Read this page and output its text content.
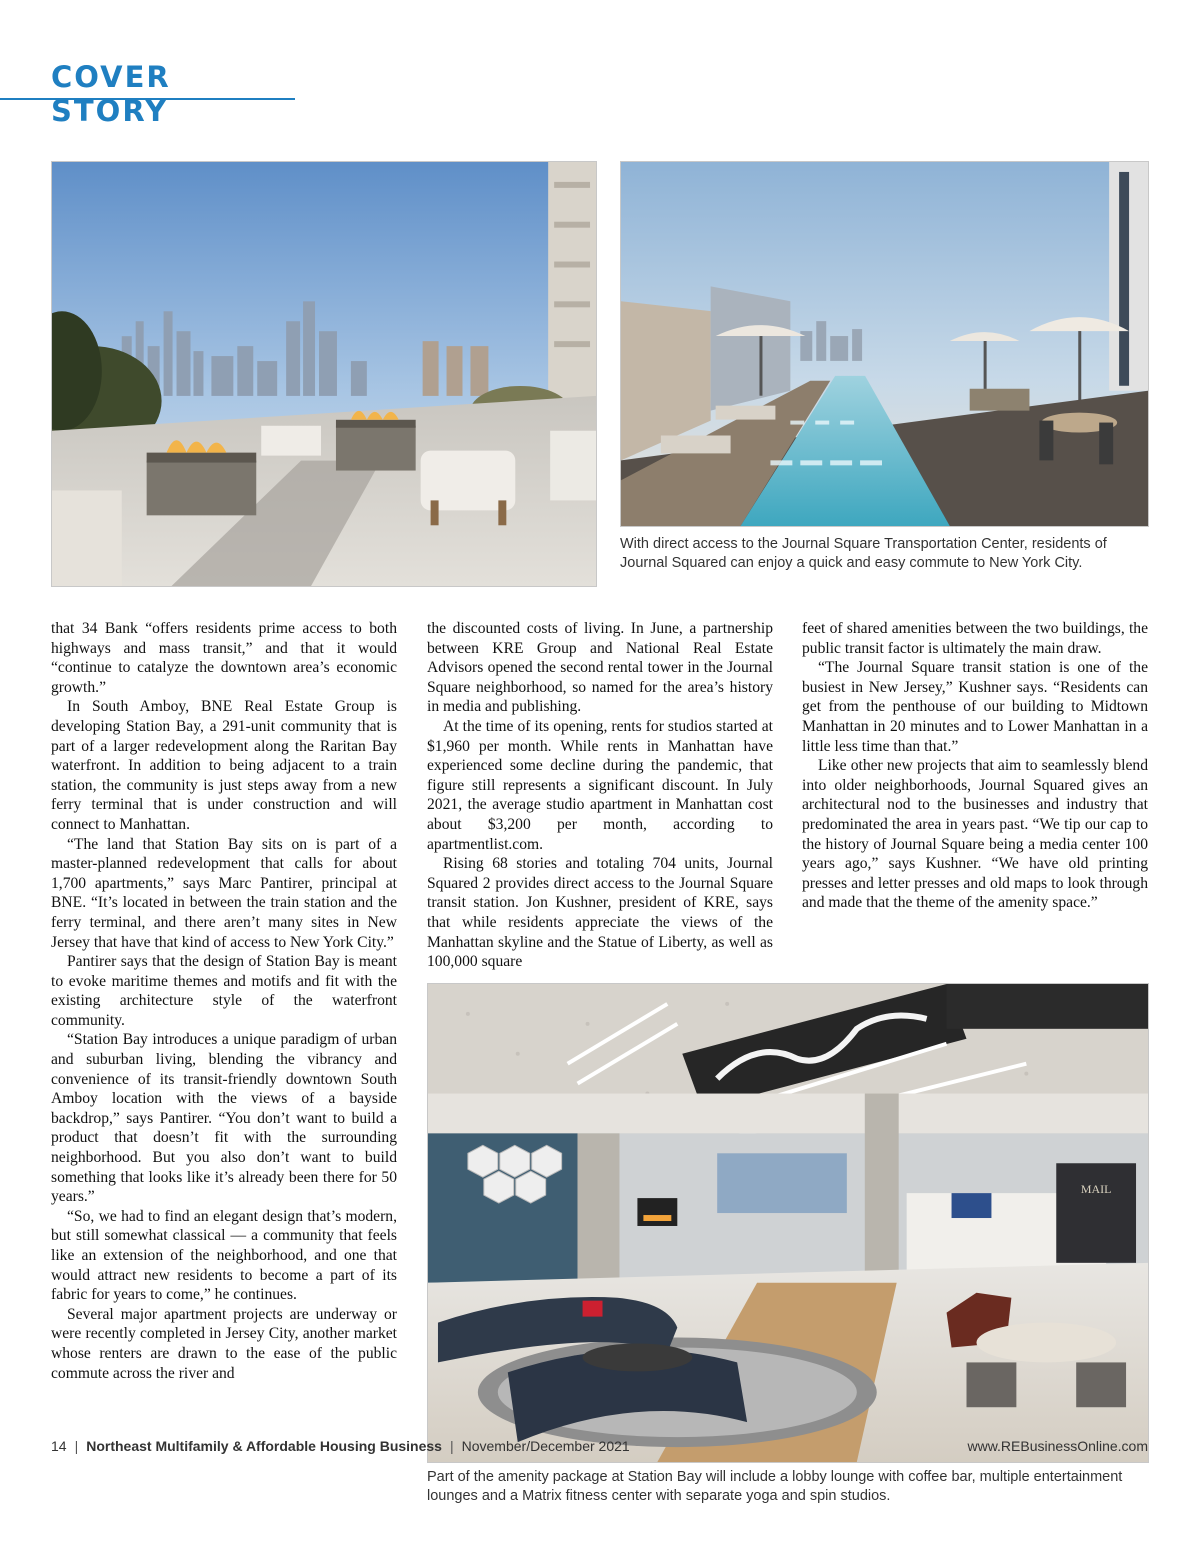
COVER STORY
With direct access to the Journal Square Transportation Center, residents of Journal Squared can enjoy a quick and easy commute to New York City.
MAIL
Part of the amenity package at Station Bay will include a lobby lounge with coffee bar, multiple entertainment lounges and a Matrix fitness center with separate yoga and spin studios.

that 34 Bank “offers residents prime access to both highways and mass transit,” and that it would “continue to catalyze the downtown area’s economic growth.”

In South Amboy, BNE Real Estate Group is developing Station Bay, a 291-unit community that is part of a larger redevelopment along the Raritan Bay waterfront. In addition to being adjacent to a train station, the community is just steps away from a new ferry terminal that is under construction and will connect to Manhattan.

“The land that Station Bay sits on is part of a master-planned redevelopment that calls for about 1,700 apartments,” says Marc Pantirer, principal at BNE. “It’s located in between the train station and the ferry terminal, and there aren’t many sites in New Jersey that have that kind of access to New York City.”

Pantirer says that the design of Station Bay is meant to evoke maritime themes and motifs and fit with the existing architecture style of the waterfront community.

“Station Bay introduces a unique paradigm of urban and suburban living, blending the vibrancy and convenience of its transit-friendly downtown South Amboy location with the views of a bayside backdrop,” says Pantirer. “You don’t want to build a product that doesn’t fit with the surrounding neighborhood. But you also don’t want to build something that looks like it’s already been there for 50 years.”

“So, we had to find an elegant design that’s modern, but still somewhat classical — a community that feels like an extension of the neighborhood, and one that would attract new residents to become a part of its fabric for years to come,” he continues.

Several major apartment projects are underway or were recently completed in Jersey City, another market whose renters are drawn to the ease of the public commute across the river and

the discounted costs of living. In June, a partnership between KRE Group and National Real Estate Advisors opened the second rental tower in the Journal Square neighborhood, so named for the area’s history in media and publishing.

At the time of its opening, rents for studios started at $1,960 per month. While rents in Manhattan have experienced some decline during the pandemic, that figure still represents a significant discount. In July 2021, the average studio apartment in Manhattan cost about $3,200 per month, according to apartmentlist.com.

Rising 68 stories and totaling 704 units, Journal Squared 2 provides direct access to the Journal Square transit station. Jon Kushner, president of KRE, says that while residents appreciate the views of the Manhattan skyline and the Statue of Liberty, as well as 100,000 square

feet of shared amenities between the two buildings, the public transit factor is ultimately the main draw.

“The Journal Square transit station is one of the busiest in New Jersey,” Kushner says. “Residents can get from the penthouse of our building to Midtown Manhattan in 20 minutes and to Lower Manhattan in a little less time than that.”

Like other new projects that aim to seamlessly blend into older neighborhoods, Journal Squared gives an architectural nod to the businesses and industry that predominated the area in years past. “We tip our cap to the history of Journal Square being a media center 100 years ago,” says Kushner. “We have old printing presses and letter presses and old maps to look through and made that the theme of the amenity space.”

14 | Northeast Multifamily & Affordable Housing Business | November/December 2021	www.REBusinessOnline.com
